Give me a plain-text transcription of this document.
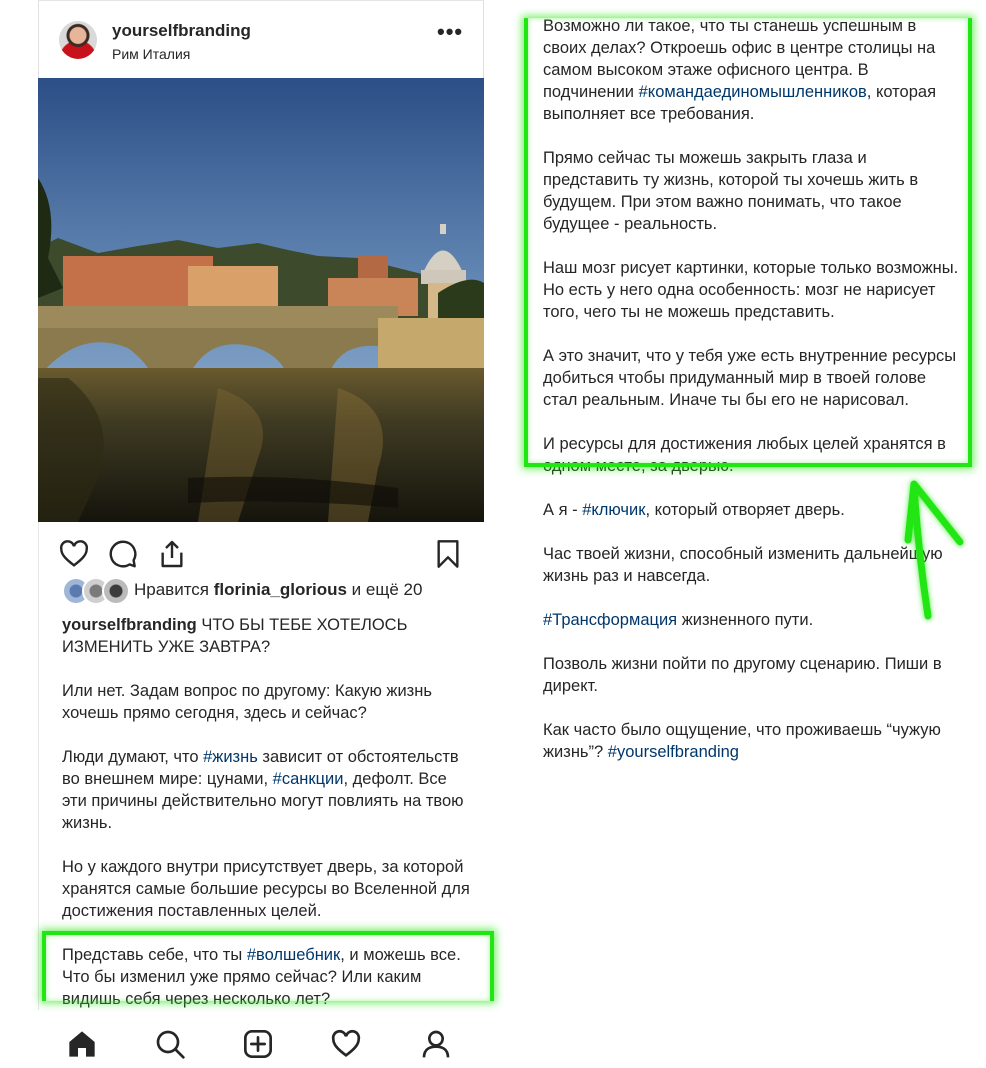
yourselfbranding
Рим Италия
•••
Нравится florinia_glorious и ещё 20

yourselfbranding ЧТО БЫ ТЕБЕ ХОТЕЛОСЬ ИЗМЕНИТЬ УЖЕ ЗАВТРА?

Или нет. Задам вопрос по другому: Какую жизнь хочешь прямо сегодня, здесь и сейчас?

Люди думают, что #жизнь зависит от обстоятельств во внешнем мире: цунами, #санкции, дефолт. Все эти причины действительно могут повлиять на твою жизнь.

Но у каждого внутри присутствует дверь, за которой хранятся самые большие ресурсы во Вселенной для достижения поставленных целей.

Представь себе, что ты #волшебник, и можешь все. Что бы изменил уже прямо сейчас? Или каким видишь себя через несколько лет?

Возможно ли такое, что ты станешь успешным в своих делах? Откроешь офис в центре столицы на самом высоком этаже офисного центра. В подчинении #командаединомышленников, которая выполняет все требования.

Прямо сейчас ты можешь закрыть глаза и представить ту жизнь, которой ты хочешь жить в будущем. При этом важно понимать, что такое будущее - реальность.

Наш мозг рисует картинки, которые только возможны. Но есть у него одна особенность: мозг не нарисует того, чего ты не можешь представить.

А это значит, что у тебя уже есть внутренние ресурсы добиться чтобы придуманный мир в твоей голове стал реальным. Иначе ты бы его не нарисовал.

И ресурсы для достижения любых целей хранятся в одном месте, за дверью.

А я - #ключик, который отворяет дверь.

Час твоей жизни, способный изменить дальнейшую жизнь раз и навсегда.

#Трансформация жизненного пути.

Позволь жизни пойти по другому сценарию. Пиши в директ.

Как часто было ощущение, что проживаешь “чужую жизнь”? #yourselfbranding
